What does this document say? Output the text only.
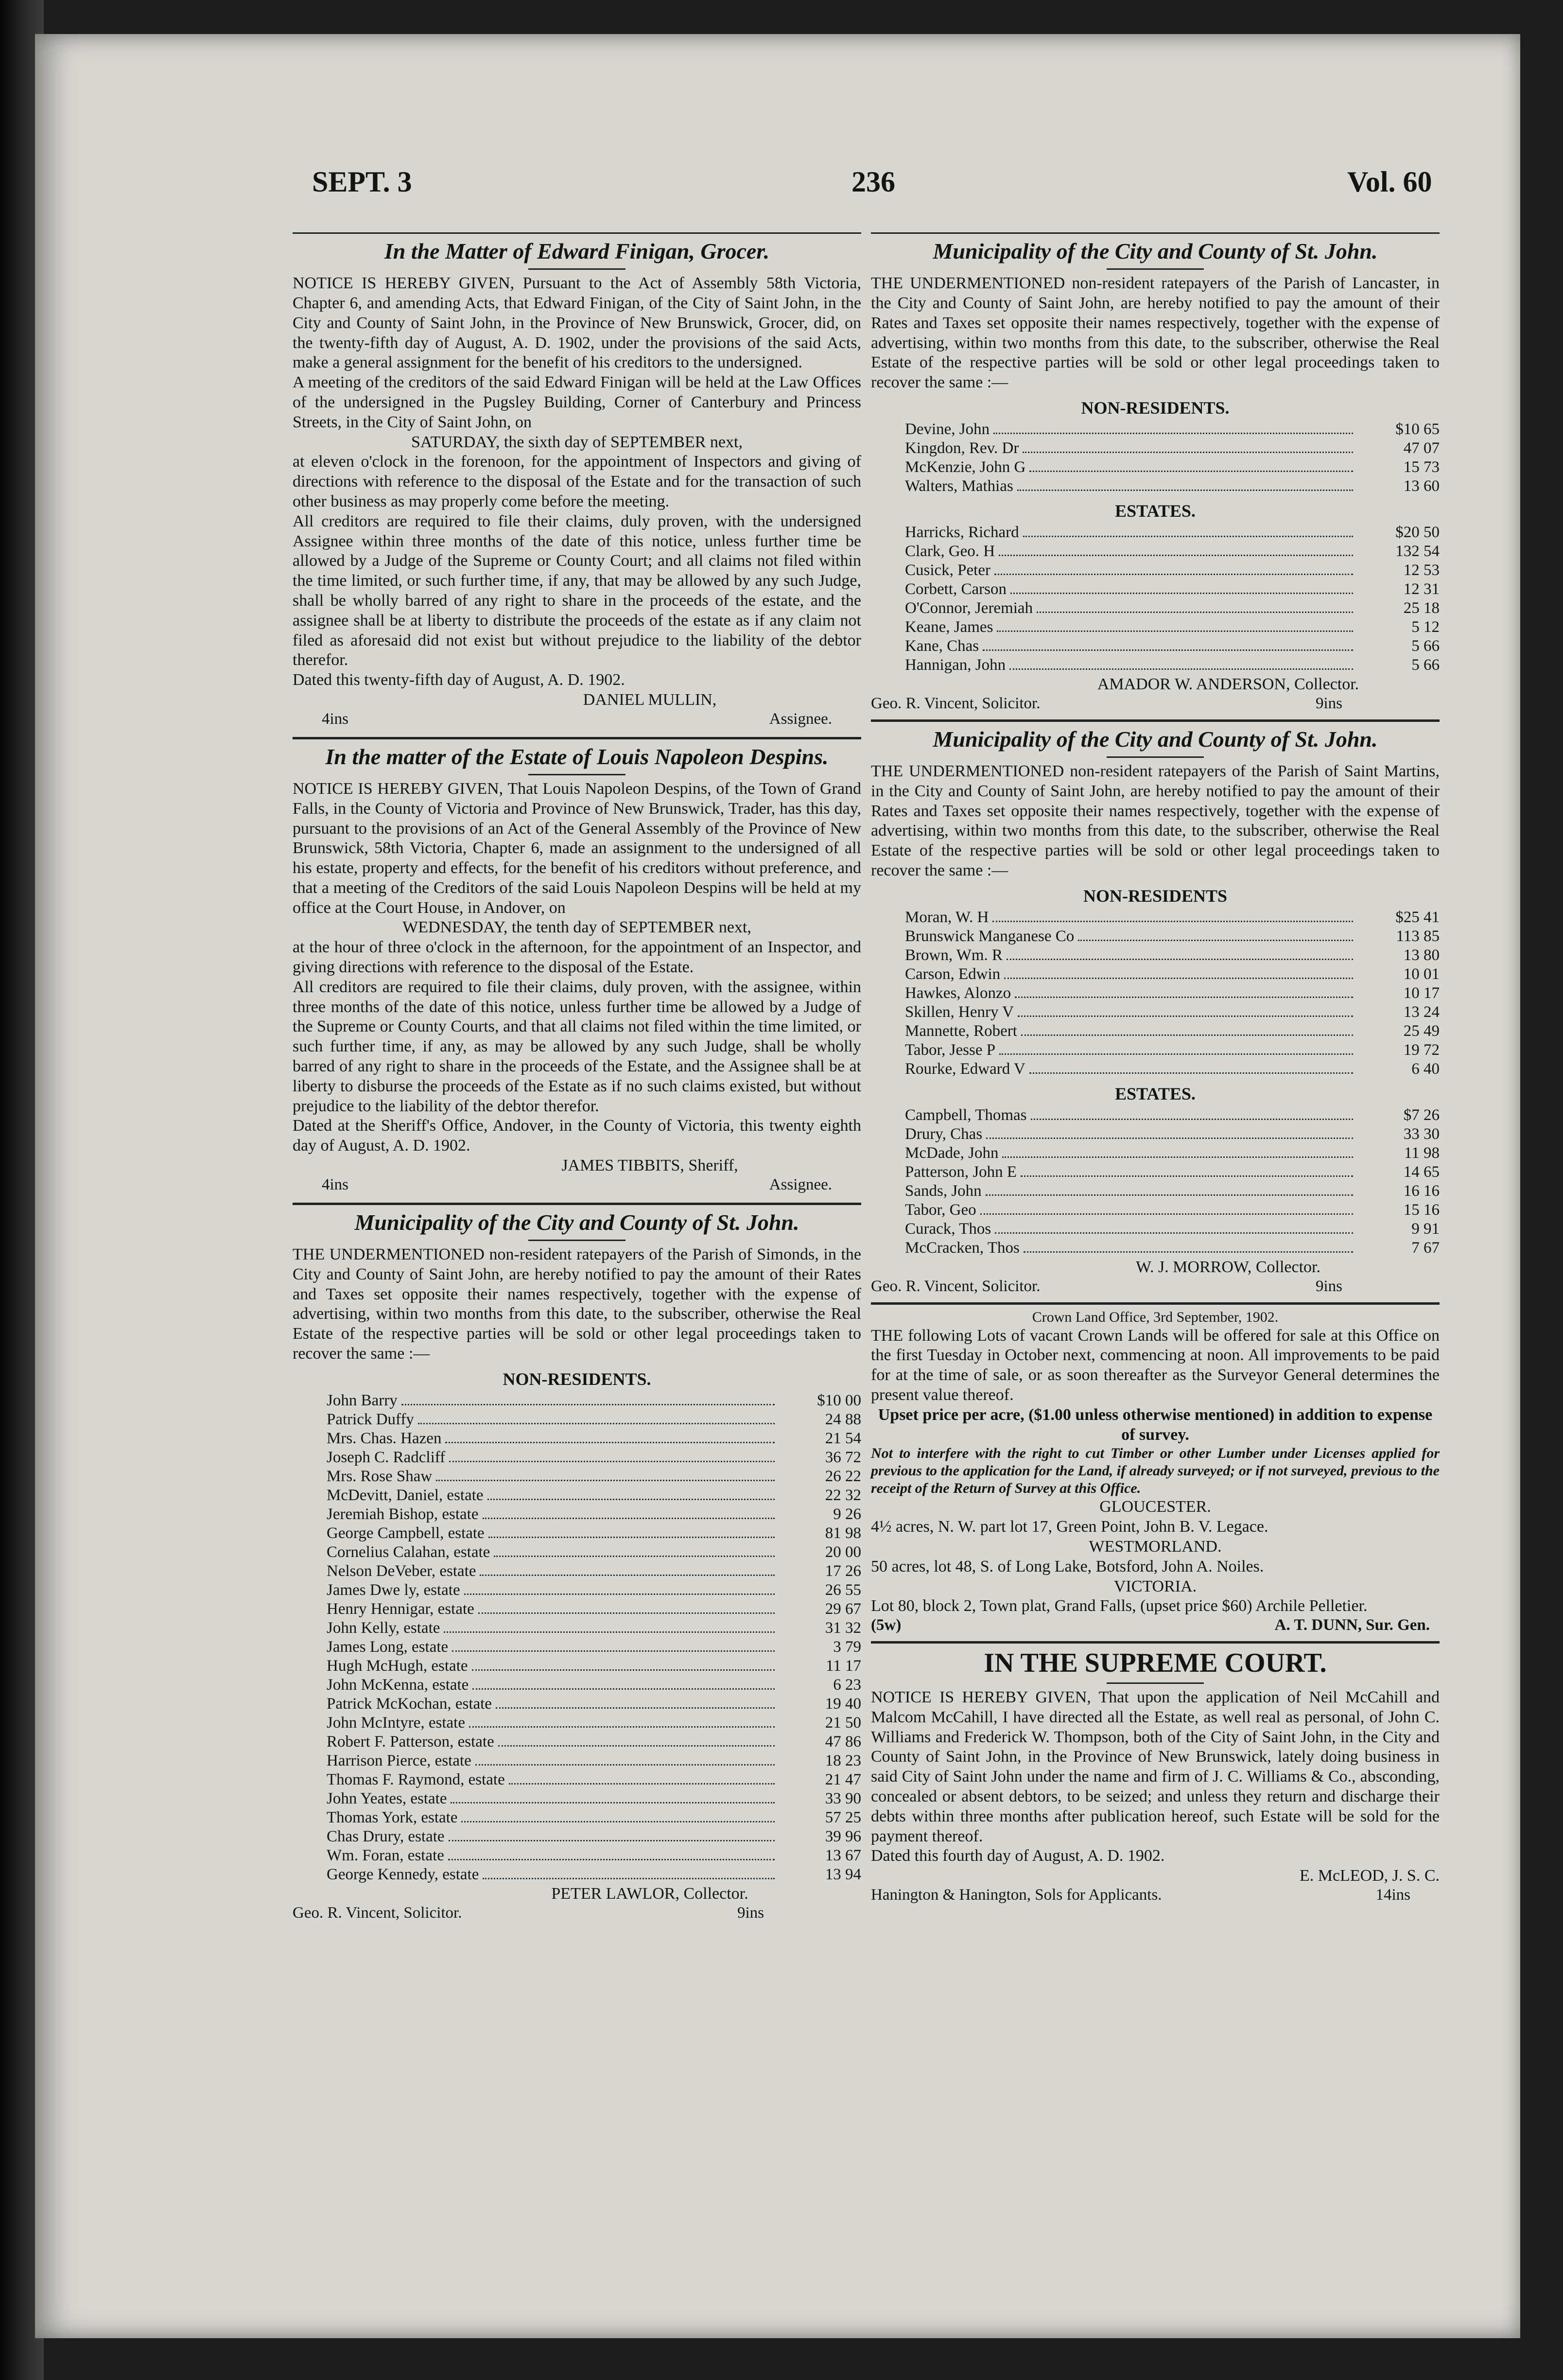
SEPT. 3	236	Vol. 60
In the Matter of Edward Finigan, Grocer.
NOTICE IS HEREBY GIVEN, Pursuant to the Act of Assembly 58th Victoria, Chapter 6, and amending Acts, that Edward Finigan, of the City of Saint John, in the City and County of Saint John, in the Province of New Brunswick, Grocer, did, on the twenty-fifth day of August, A. D. 1902, under the provisions of the said Acts, make a general assignment for the benefit of his creditors to the undersigned.
A meeting of the creditors of the said Edward Finigan will be held at the Law Offices of the undersigned in the Pugsley Building, Corner of Canterbury and Princess Streets, in the City of Saint John, on
SATURDAY, the sixth day of SEPTEMBER next,
at eleven o'clock in the forenoon, for the appointment of Inspectors and giving of directions with reference to the disposal of the Estate and for the transaction of such other business as may properly come before the meeting.
All creditors are required to file their claims, duly proven, with the undersigned Assignee within three months of the date of this notice, unless further time be allowed by a Judge of the Supreme or County Court; and all claims not filed within the time limited, or such further time, if any, that may be allowed by any such Judge, shall be wholly barred of any right to share in the proceeds of the estate, and the assignee shall be at liberty to distribute the proceeds of the estate as if any claim not filed as aforesaid did not exist but without prejudice to the liability of the debtor therefor.
Dated this twenty-fifth day of August, A. D. 1902.
DANIEL MULLIN,
4ins	Assignee.
In the matter of the Estate of Louis Napoleon Despins.
NOTICE IS HEREBY GIVEN, That Louis Napoleon Despins, of the Town of Grand Falls, in the County of Victoria and Province of New Brunswick, Trader, has this day, pursuant to the provisions of an Act of the General Assembly of the Province of New Brunswick, 58th Victoria, Chapter 6, made an assignment to the undersigned of all his estate, property and effects, for the benefit of his creditors without preference, and that a meeting of the Creditors of the said Louis Napoleon Despins will be held at my office at the Court House, in Andover, on
WEDNESDAY, the tenth day of SEPTEMBER next,
at the hour of three o'clock in the afternoon, for the appointment of an Inspector, and giving directions with reference to the disposal of the Estate.
All creditors are required to file their claims, duly proven, with the assignee, within three months of the date of this notice, unless further time be allowed by a Judge of the Supreme or County Courts, and that all claims not filed within the time limited, or such further time, if any, as may be allowed by any such Judge, shall be wholly barred of any right to share in the proceeds of the Estate, and the Assignee shall be at liberty to disburse the proceeds of the Estate as if no such claims existed, but without prejudice to the liability of the debtor therefor.
Dated at the Sheriff's Office, Andover, in the County of Victoria, this twenty eighth day of August, A. D. 1902.
JAMES TIBBITS, Sheriff,
4ins	Assignee.
Municipality of the City and County of St. John.
THE UNDERMENTIONED non-resident ratepayers of the Parish of Simonds, in the City and County of Saint John, are hereby notified to pay the amount of their Rates and Taxes set opposite their names respectively, together with the expense of advertising, within two months from this date, to the subscriber, otherwise the Real Estate of the respective parties will be sold or other legal proceedings taken to recover the same :—
NON-RESIDENTS.
John Barry	$10 00
Patrick Duffy	24 88
Mrs. Chas. Hazen	21 54
Joseph C. Radcliff	36 72
Mrs. Rose Shaw	26 22
McDevitt, Daniel, estate	22 32
Jeremiah Bishop, estate	9 26
George Campbell, estate	81 98
Cornelius Calahan, estate	20 00
Nelson DeVeber, estate	17 26
James Dwe ly, estate	26 55
Henry Hennigar, estate	29 67
John Kelly, estate	31 32
James Long, estate	3 79
Hugh McHugh, estate	11 17
John McKenna, estate	6 23
Patrick McKochan, estate	19 40
John McIntyre, estate	21 50
Robert F. Patterson, estate	47 86
Harrison Pierce, estate	18 23
Thomas F. Raymond, estate	21 47
John Yeates, estate	33 90
Thomas York, estate	57 25
Chas Drury, estate	39 96
Wm. Foran, estate	13 67
George Kennedy, estate	13 94
PETER LAWLOR, Collector.
Geo. R. Vincent, Solicitor.	9ins
Municipality of the City and County of St. John.
THE UNDERMENTIONED non-resident ratepayers of the Parish of Lancaster, in the City and County of Saint John, are hereby notified to pay the amount of their Rates and Taxes set opposite their names respectively, together with the expense of advertising, within two months from this date, to the subscriber, otherwise the Real Estate of the respective parties will be sold or other legal proceedings taken to recover the same :—
NON-RESIDENTS.
Devine, John	$10 65
Kingdon, Rev. Dr	47 07
McKenzie, John G	15 73
Walters, Mathias	13 60
ESTATES.
Harricks, Richard	$20 50
Clark, Geo. H	132 54
Cusick, Peter	12 53
Corbett, Carson	12 31
O'Connor, Jeremiah	25 18
Keane, James	5 12
Kane, Chas	5 66
Hannigan, John	5 66
AMADOR W. ANDERSON, Collector.
Geo. R. Vincent, Solicitor.	9ins
Municipality of the City and County of St. John.
THE UNDERMENTIONED non-resident ratepayers of the Parish of Saint Martins, in the City and County of Saint John, are hereby notified to pay the amount of their Rates and Taxes set opposite their names respectively, together with the expense of advertising, within two months from this date, to the subscriber, otherwise the Real Estate of the respective parties will be sold or other legal proceedings taken to recover the same :—
NON-RESIDENTS
Moran, W. H	$25 41
Brunswick Manganese Co	113 85
Brown, Wm. R	13 80
Carson, Edwin	10 01
Hawkes, Alonzo	10 17
Skillen, Henry V	13 24
Mannette, Robert	25 49
Tabor, Jesse P	19 72
Rourke, Edward V	6 40
ESTATES.
Campbell, Thomas	$7 26
Drury, Chas	33 30
McDade, John	11 98
Patterson, John E	14 65
Sands, John	16 16
Tabor, Geo	15 16
Curack, Thos	9 91
McCracken, Thos	7 67
W. J. MORROW, Collector.
Geo. R. Vincent, Solicitor.	9ins
Crown Land Office, 3rd September, 1902.
THE following Lots of vacant Crown Lands will be offered for sale at this Office on the first Tuesday in October next, commencing at noon. All improvements to be paid for at the time of sale, or as soon thereafter as the Surveyor General determines the present value thereof.
Upset price per acre, ($1.00 unless otherwise mentioned) in addition to expense of survey.
Not to interfere with the right to cut Timber or other Lumber under Licenses applied for previous to the application for the Land, if already surveyed; or if not surveyed, previous to the receipt of the Return of Survey at this Office.
GLOUCESTER.
4½ acres, N. W. part lot 17, Green Point, John B. V. Legace.
WESTMORLAND.
50 acres, lot 48, S. of Long Lake, Botsford, John A. Noiles.
VICTORIA.
Lot 80, block 2, Town plat, Grand Falls, (upset price $60) Archile Pelletier.
(5w)	A. T. DUNN, Sur. Gen.
IN THE SUPREME COURT.
NOTICE IS HEREBY GIVEN, That upon the application of Neil McCahill and Malcom McCahill, I have directed all the Estate, as well real as personal, of John C. Williams and Frederick W. Thompson, both of the City of Saint John, in the City and County of Saint John, in the Province of New Brunswick, lately doing business in said City of Saint John under the name and firm of J. C. Williams & Co., absconding, concealed or absent debtors, to be seized; and unless they return and discharge their debts within three months after publication hereof, such Estate will be sold for the payment thereof.
Dated this fourth day of August, A. D. 1902.
E. McLEOD, J. S. C.
Hanington & Hanington, Sols for Applicants.	14ins
